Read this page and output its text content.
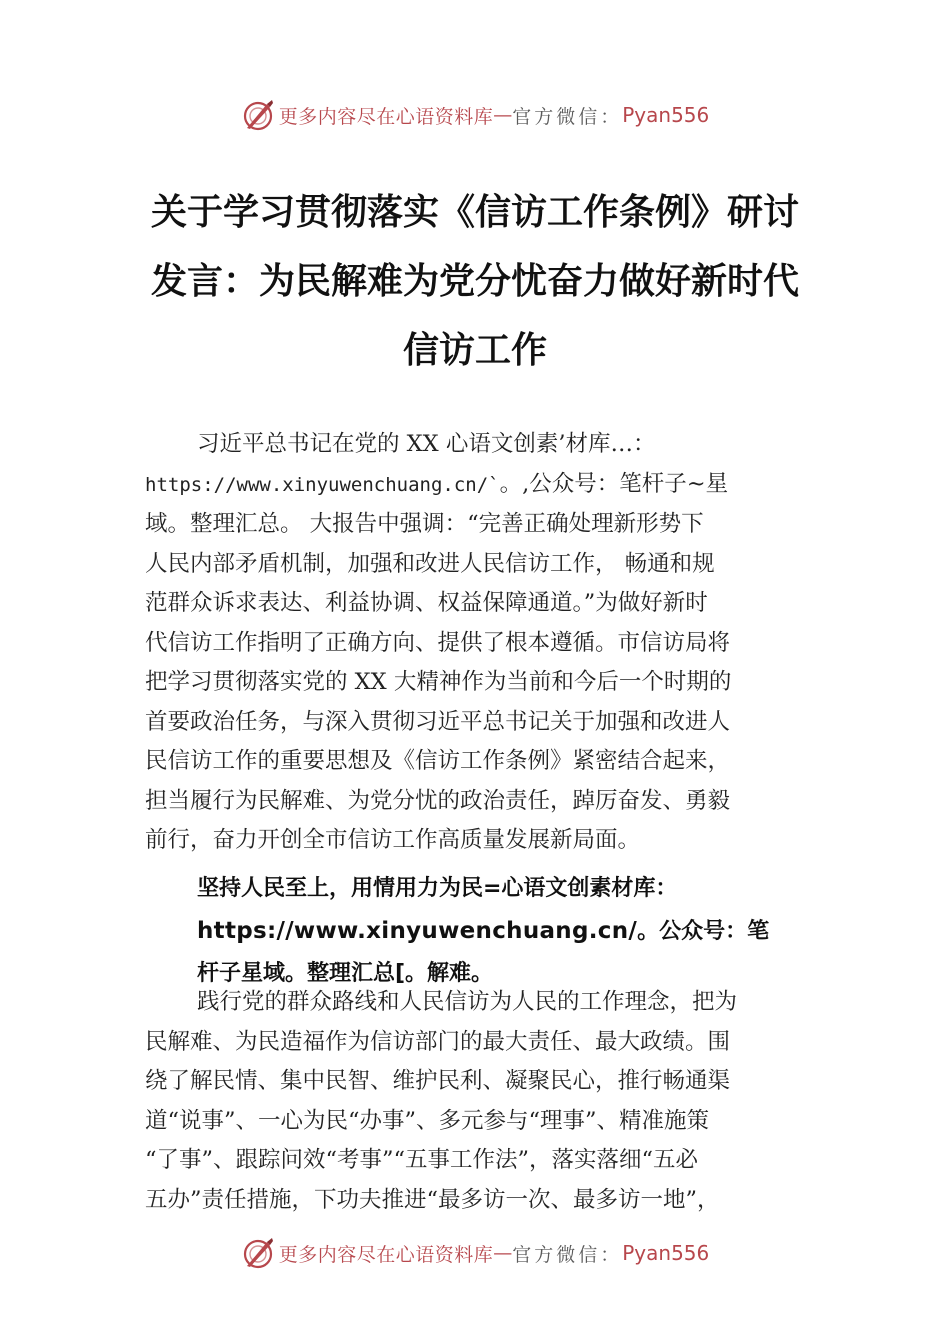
更多内容尽在心语资料库 — 官方微信： Pyan556
关于学习贯彻落实《信访工作条例》研讨
发言：为民解难为党分忧奋力做好新时代
信访工作
习近平总书记在党的 XX 心语文创素’材库…：
https://www.xinyuwenchuang.cn/`。,公众号：笔杆子~星
域。整理汇总。 大报告中强调：“完善正确处理新形势下
人民内部矛盾机制，加强和改进人民信访工作， 畅通和规
范群众诉求表达、利益协调、权益保障通道。”为做好新时
代信访工作指明了正确方向、提供了根本遵循。市信访局将
把学习贯彻落实党的 XX 大精神作为当前和今后一个时期的
首要政治任务，与深入贯彻习近平总书记关于加强和改进人
民信访工作的重要思想及《信访工作条例》紧密结合起来，
担当履行为民解难、为党分忧的政治责任，踔厉奋发、勇毅
前行，奋力开创全市信访工作高质量发展新局面。
坚持人民至上，用情用力为民=心语文创素材库：
https://www.xinyuwenchuang.cn/。公众号：笔
杆子星域。整理汇总[。解难。
践行党的群众路线和人民信访为人民的工作理念，把为
民解难、为民造福作为信访部门的最大责任、最大政绩。围
绕了解民情、集中民智、维护民利、凝聚民心，推行畅通渠
道“说事”、一心为民“办事”、多元参与“理事”、精准施策
“了事”、跟踪问效“考事”“五事工作法”，落实落细“五必
五办”责任措施，下功夫推进“最多访一次、最多访一地”，
更多内容尽在心语资料库 — 官方微信： Pyan556
